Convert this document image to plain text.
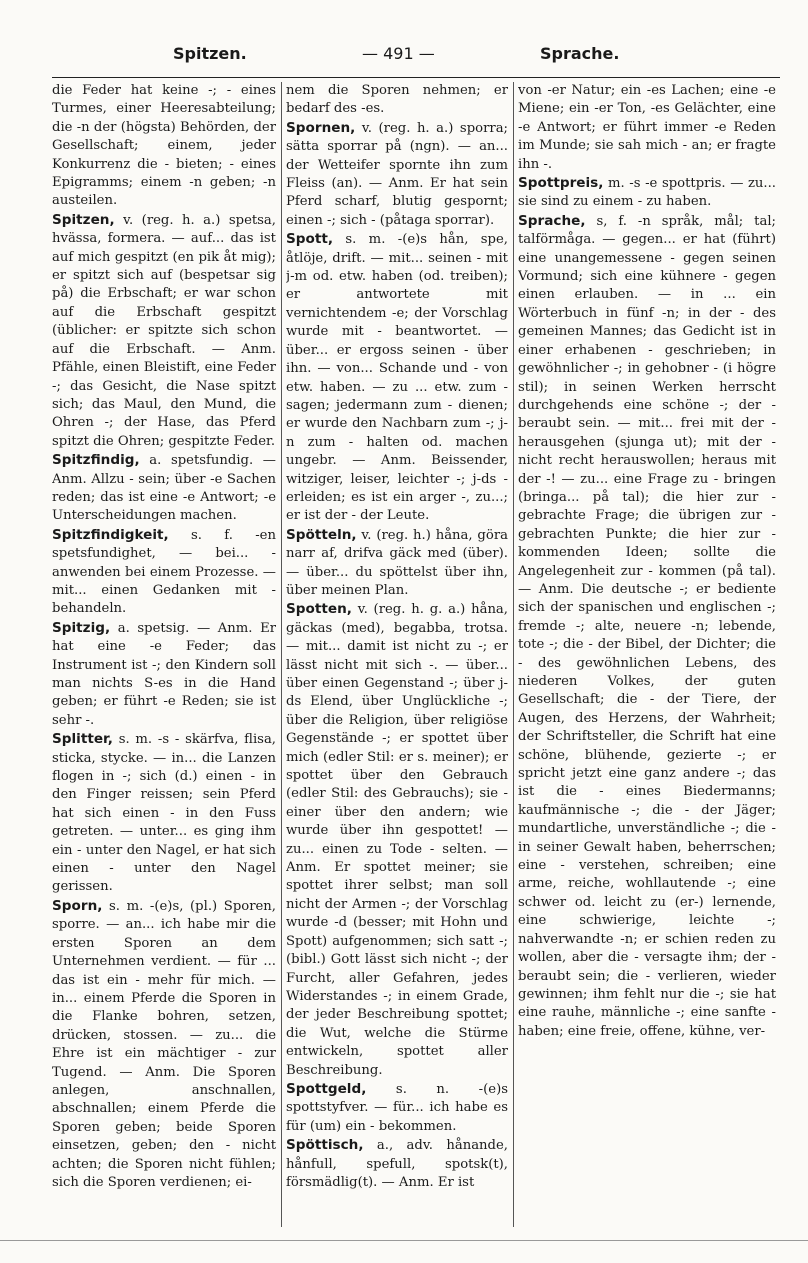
Spitzen.	— 491 —	Sprache.

die Feder hat keine -; - eines Turmes, einer Heeresabteilung; die -n der (högsta) Behörden, der Gesellschaft; einem, jeder Konkurrenz die - bieten; - eines Epigramms; einem -n geben; -n austeilen.

Spitzen, v. (reg. h. a.) spetsa, hvässa, formera. — auf... das ist auf mich gespitzt (en pik åt mig); er spitzt sich auf (bespetsar sig på) die Erbschaft; er war schon auf die Erbschaft gespitzt (üblicher: er spitzte sich schon auf die Erbschaft. — Anm. Pfähle, einen Bleistift, eine Feder -; das Gesicht, die Nase spitzt sich; das Maul, den Mund, die Ohren -; der Hase, das Pferd spitzt die Ohren; gespitzte Feder.

Spitzfindig, a. spetsfundig. — Anm. Allzu - sein; über -e Sachen reden; das ist eine -e Antwort; -e Unterscheidungen machen.

Spitzfindigkeit, s. f. -en spetsfundighet, — bei... - anwenden bei einem Prozesse. — mit... einen Gedanken mit - behandeln.

Spitzig, a. spetsig. — Anm. Er hat eine -e Feder; das Instrument ist -; den Kindern soll man nichts S-es in die Hand geben; er führt -e Reden; sie ist sehr -.

Splitter, s. m. -s - skärfva, flisa, sticka, stycke. — in... die Lanzen flogen in -; sich (d.) einen - in den Finger reissen; sein Pferd hat sich einen - in den Fuss getreten. — unter... es ging ihm ein - unter den Nagel, er hat sich einen - unter den Nagel gerissen.

Sporn, s. m. -(e)s, (pl.) Sporen, sporre. — an... ich habe mir die ersten Sporen an dem Unternehmen verdient. — für ... das ist ein - mehr für mich. — in... einem Pferde die Sporen in die Flanke bohren, setzen, drücken, stossen. — zu... die Ehre ist ein mächtiger - zur Tugend. — Anm. Die Sporen anlegen, anschnallen, abschnallen; einem Pferde die Sporen geben; beide Sporen einsetzen, geben; den - nicht achten; die Sporen nicht fühlen; sich die Sporen verdienen; ei-

nem die Sporen nehmen; er bedarf des -es.

Spornen, v. (reg. h. a.) sporra; sätta sporrar på (ngn). — an... der Wetteifer spornte ihn zum Fleiss (an). — Anm. Er hat sein Pferd scharf, blutig gespornt; einen -; sich - (påtaga sporrar).

Spott, s. m. -(e)s hån, spe, åtlöje, drift. — mit... seinen - mit j-m od. etw. haben (od. treiben); er antwortete mit vernichtendem -e; der Vorschlag wurde mit - beantwortet. — über... er ergoss seinen - über ihn. — von... Schande und - von etw. haben. — zu ... etw. zum - sagen; jedermann zum - dienen; er wurde den Nachbarn zum -; j-n zum - halten od. machen ungebr. — Anm. Beissender, witziger, leiser, leichter -; j-ds - erleiden; es ist ein arger -, zu...; er ist der - der Leute.

Spötteln, v. (reg. h.) håna, göra narr af, drifva gäck med (über). — über... du spöttelst über ihn, über meinen Plan.

Spotten, v. (reg. h. g. a.) håna, gäckas (med), begabba, trotsa. — mit... damit ist nicht zu -; er lässt nicht mit sich -. — über... über einen Gegenstand -; über j-ds Elend, über Unglückliche -; über die Religion, über religiöse Gegenstände -; er spottet über mich (edler Stil: er s. meiner); er spottet über den Gebrauch (edler Stil: des Gebrauchs); sie - einer über den andern; wie wurde über ihn gespottet! — zu... einen zu Tode - selten. — Anm. Er spottet meiner; sie spottet ihrer selbst; man soll nicht der Armen -; der Vorschlag wurde -d (besser; mit Hohn und Spott) aufgenommen; sich satt -; (bibl.) Gott lässt sich nicht -; der Furcht, aller Gefahren, jedes Widerstandes -; in einem Grade, der jeder Beschreibung spottet; die Wut, welche die Stürme entwickeln, spottet aller Beschreibung.

Spottgeld, s. n. -(e)s spottstyfver. — für... ich habe es für (um) ein - bekommen.

Spöttisch, a., adv. hånande, hånfull, spefull, spotsk(t), försmädlig(t). — Anm. Er ist

von -er Natur; ein -es Lachen; eine -e Miene; ein -er Ton, -es Gelächter, eine -e Antwort; er führt immer -e Reden im Munde; sie sah mich - an; er fragte ihn -.

Spottpreis, m. -s -e spottpris. — zu... sie sind zu einem - zu haben.

Sprache, s, f. -n språk, mål; tal; talförmåga. — gegen... er hat (führt) eine unangemessene - gegen seinen Vormund; sich eine kühnere - gegen einen erlauben. — in ... ein Wörterbuch in fünf -n; in der - des gemeinen Mannes; das Gedicht ist in einer erhabenen - geschrieben; in gewöhnlicher -; in gehobner - (i högre stil); in seinen Werken herrscht durchgehends eine schöne -; der - beraubt sein. — mit... frei mit der - herausgehen (sjunga ut); mit der - nicht recht herauswollen; heraus mit der -! — zu... eine Frage zu - bringen (bringa... på tal); die hier zur - gebrachte Frage; die übrigen zur - gebrachten Punkte; die hier zur - kommenden Ideen; sollte die Angelegenheit zur - kommen (på tal). — Anm. Die deutsche -; er bediente sich der spanischen und englischen -; fremde -; alte, neuere -n; lebende, tote -; die - der Bibel, der Dichter; die - des gewöhnlichen Lebens, des niederen Volkes, der guten Gesellschaft; die - der Tiere, der Augen, des Herzens, der Wahrheit; der Schriftsteller, die Schrift hat eine schöne, blühende, gezierte -; er spricht jetzt eine ganz andere -; das ist die - eines Biedermanns; kaufmännische -; die - der Jäger; mundartliche, unverständliche -; die - in seiner Gewalt haben, beherrschen; eine - verstehen, schreiben; eine arme, reiche, wohllautende -; eine schwer od. leicht zu (er-) lernende, eine schwierige, leichte -; nahverwandte -n; er schien reden zu wollen, aber die - versagte ihm; der - beraubt sein; die - verlieren, wieder gewinnen; ihm fehlt nur die -; sie hat eine rauhe, männliche -; eine sanfte - haben; eine freie, offene, kühne, ver-
